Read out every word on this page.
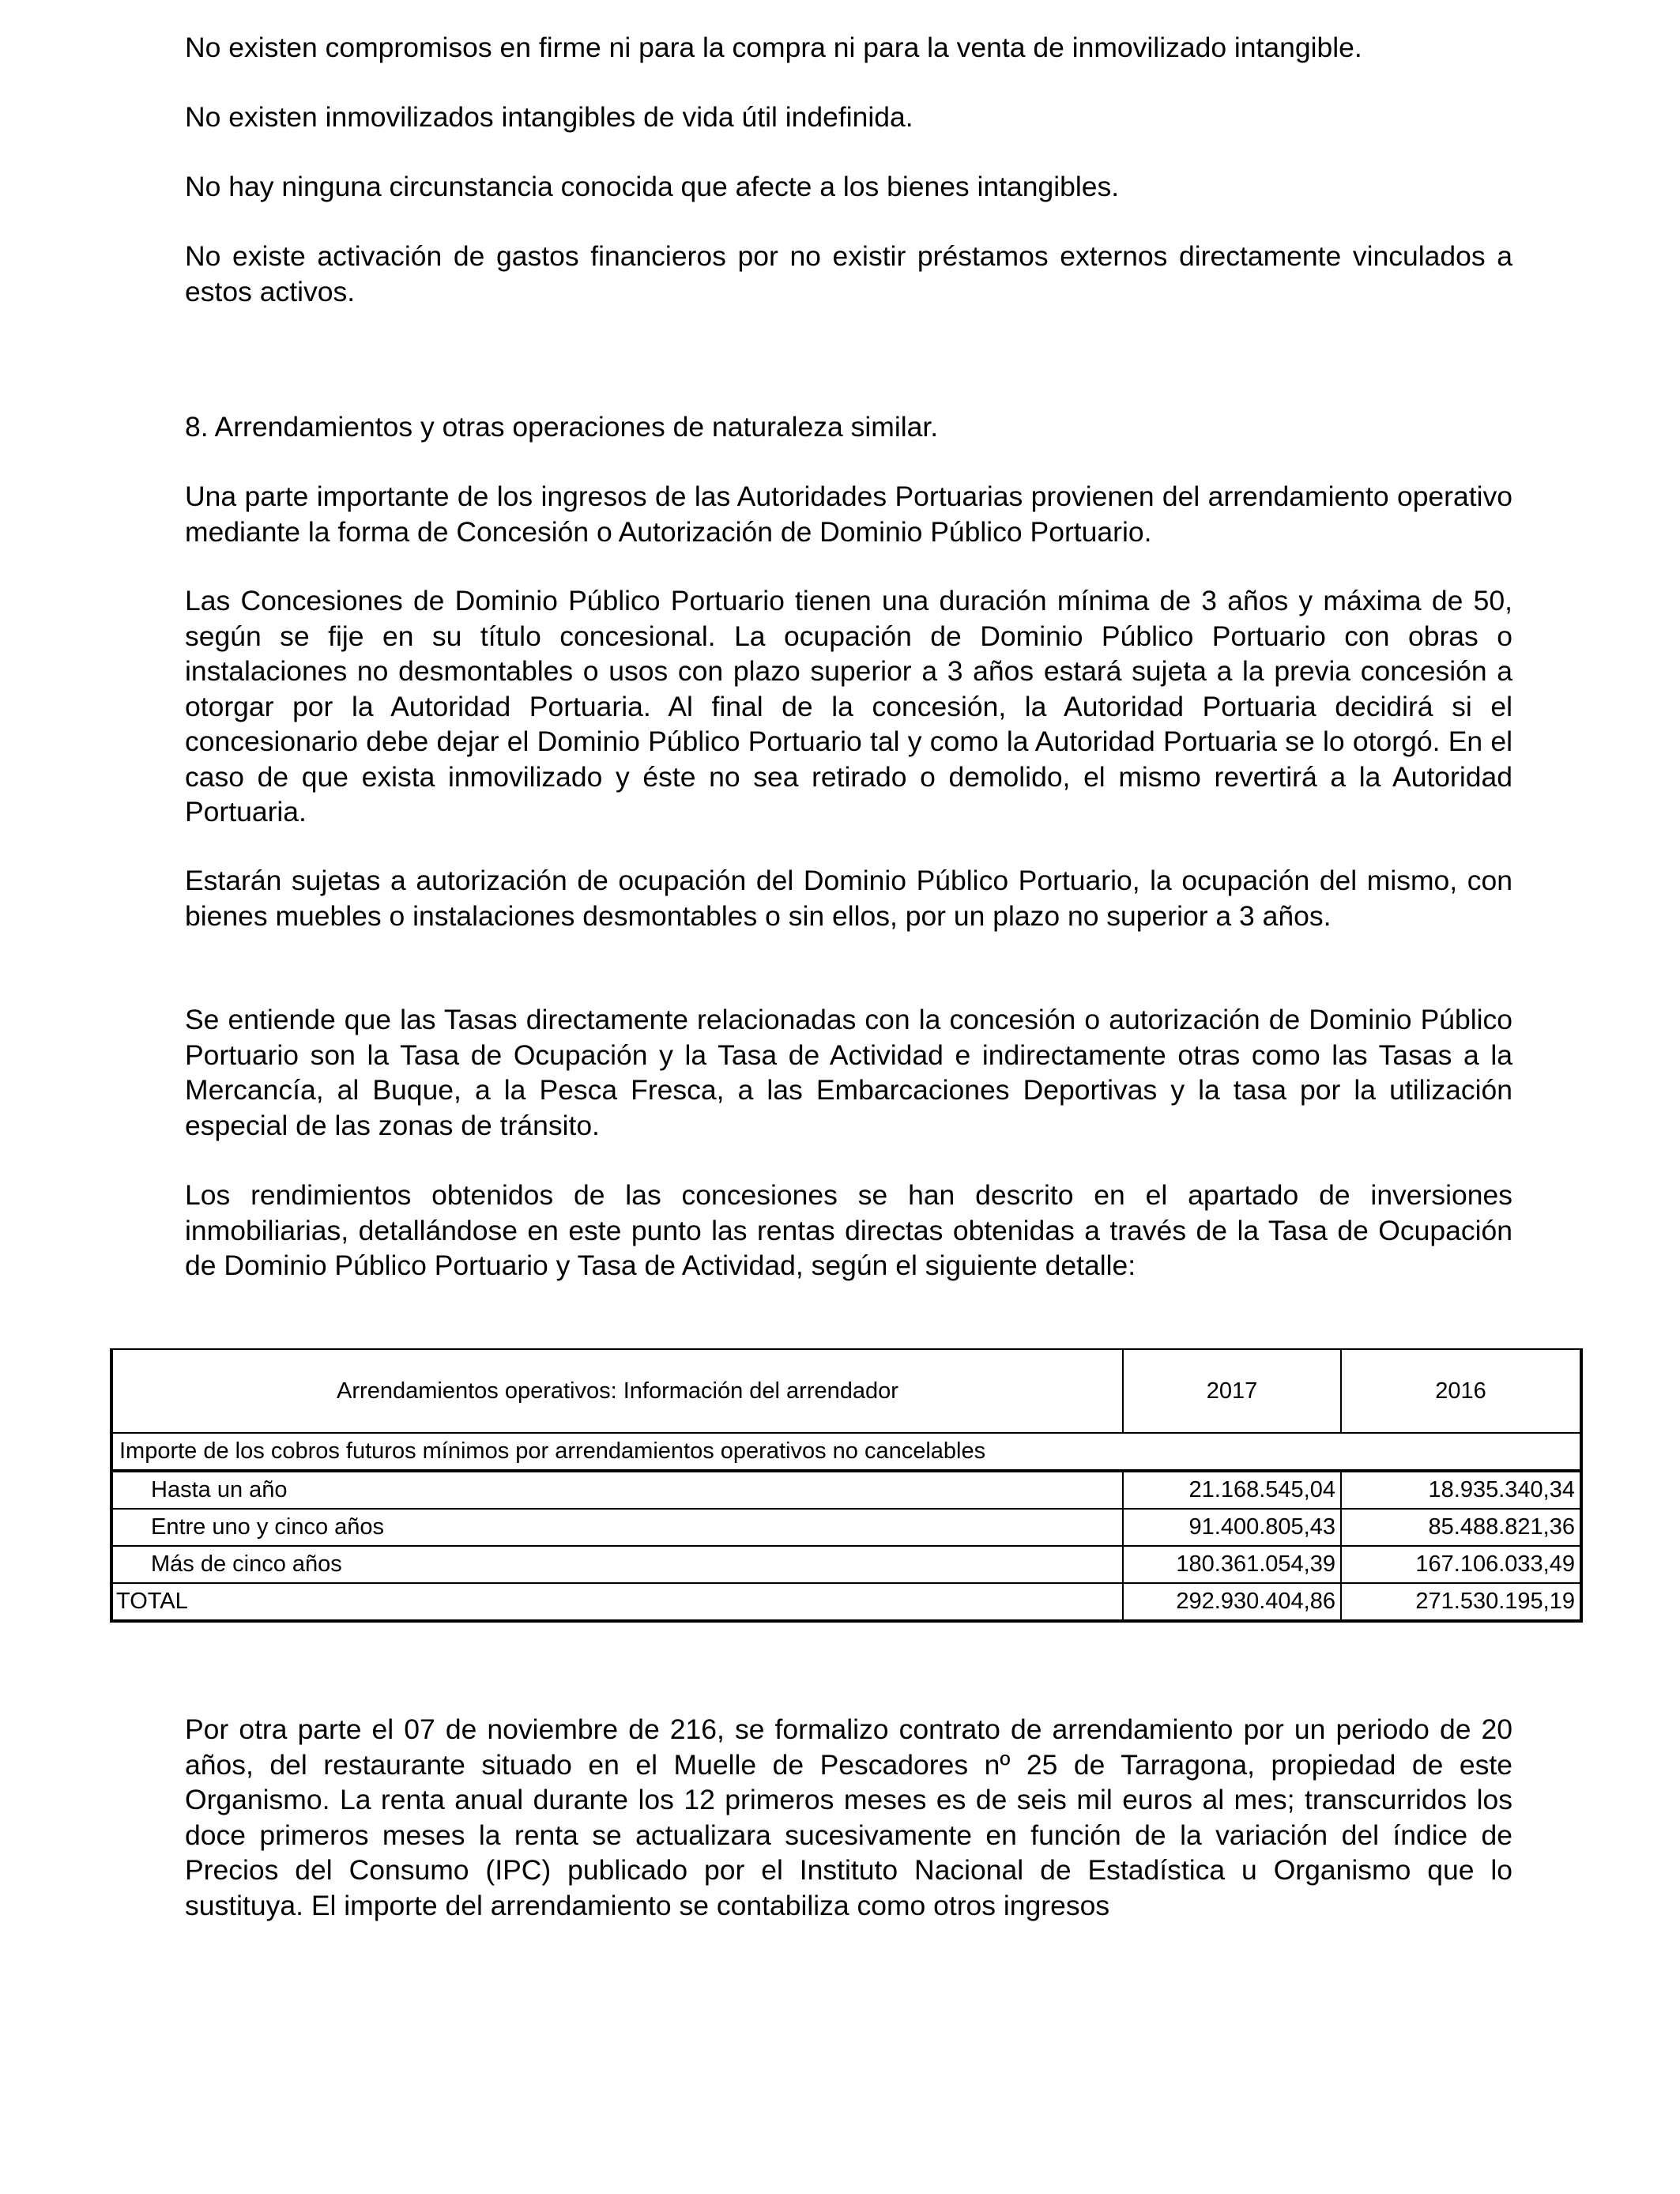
No existen compromisos en firme ni para la compra ni para la venta de inmovilizado intangible.

No existen inmovilizados intangibles de vida útil indefinida.

No hay ninguna circunstancia conocida que afecte a los bienes intangibles.

No existe activación de gastos financieros por no existir préstamos externos directamente vinculados a estos activos.

8. Arrendamientos y otras operaciones de naturaleza similar.

Una parte importante de los ingresos de las Autoridades Portuarias provienen del arrendamiento operativo mediante la forma de Concesión o Autorización de Dominio Público Portuario.

Las Concesiones de Dominio Público Portuario tienen una duración mínima de 3 años y máxima de 50, según se fije en su título concesional. La ocupación de Dominio Público Portuario con obras o instalaciones no desmontables o usos con plazo superior a 3 años estará sujeta a la previa concesión a otorgar por la Autoridad Portuaria. Al final de la concesión, la Autoridad Portuaria decidirá si el concesionario debe dejar el Dominio Público Portuario tal y como la Autoridad Portuaria se lo otorgó. En el caso de que exista inmovilizado y éste no sea retirado o demolido, el mismo revertirá a la Autoridad Portuaria.

Estarán sujetas a autorización de ocupación del Dominio Público Portuario, la ocupación del mismo, con bienes muebles o instalaciones desmontables o sin ellos, por un plazo no superior a 3 años.

Se entiende que las Tasas directamente relacionadas con la concesión o autorización de Dominio Público Portuario son la Tasa de Ocupación y la Tasa de Actividad e indirectamente otras como las Tasas a la Mercancía, al Buque, a la Pesca Fresca, a las Embarcaciones Deportivas y la tasa por la utilización especial de las zonas de tránsito.

Los rendimientos obtenidos de las concesiones se han descrito en el apartado de inversiones inmobiliarias, detallándose en este punto las rentas directas obtenidas a través de la Tasa de Ocupación de Dominio Público Portuario y Tasa de Actividad, según el siguiente detalle:

Arrendamientos operativos: Información del arrendador	2017	2016
Importe de los cobros futuros mínimos por arrendamientos operativos no cancelables		
Hasta un año	21.168.545,04	18.935.340,34
Entre uno y cinco años	91.400.805,43	85.488.821,36
Más de cinco años	180.361.054,39	167.106.033,49
TOTAL	292.930.404,86	271.530.195,19

Por otra parte el 07 de noviembre de 216, se formalizo contrato de arrendamiento por un periodo de 20 años, del restaurante situado en el Muelle de Pescadores nº 25 de Tarragona, propiedad de este Organismo. La renta anual durante los 12 primeros meses es de seis mil euros al mes; transcurridos los doce primeros meses la renta se actualizara sucesivamente en función de la variación del índice de Precios del Consumo (IPC) publicado por el Instituto Nacional de Estadística u Organismo que lo sustituya. El importe del arrendamiento se contabiliza como otros ingresos
